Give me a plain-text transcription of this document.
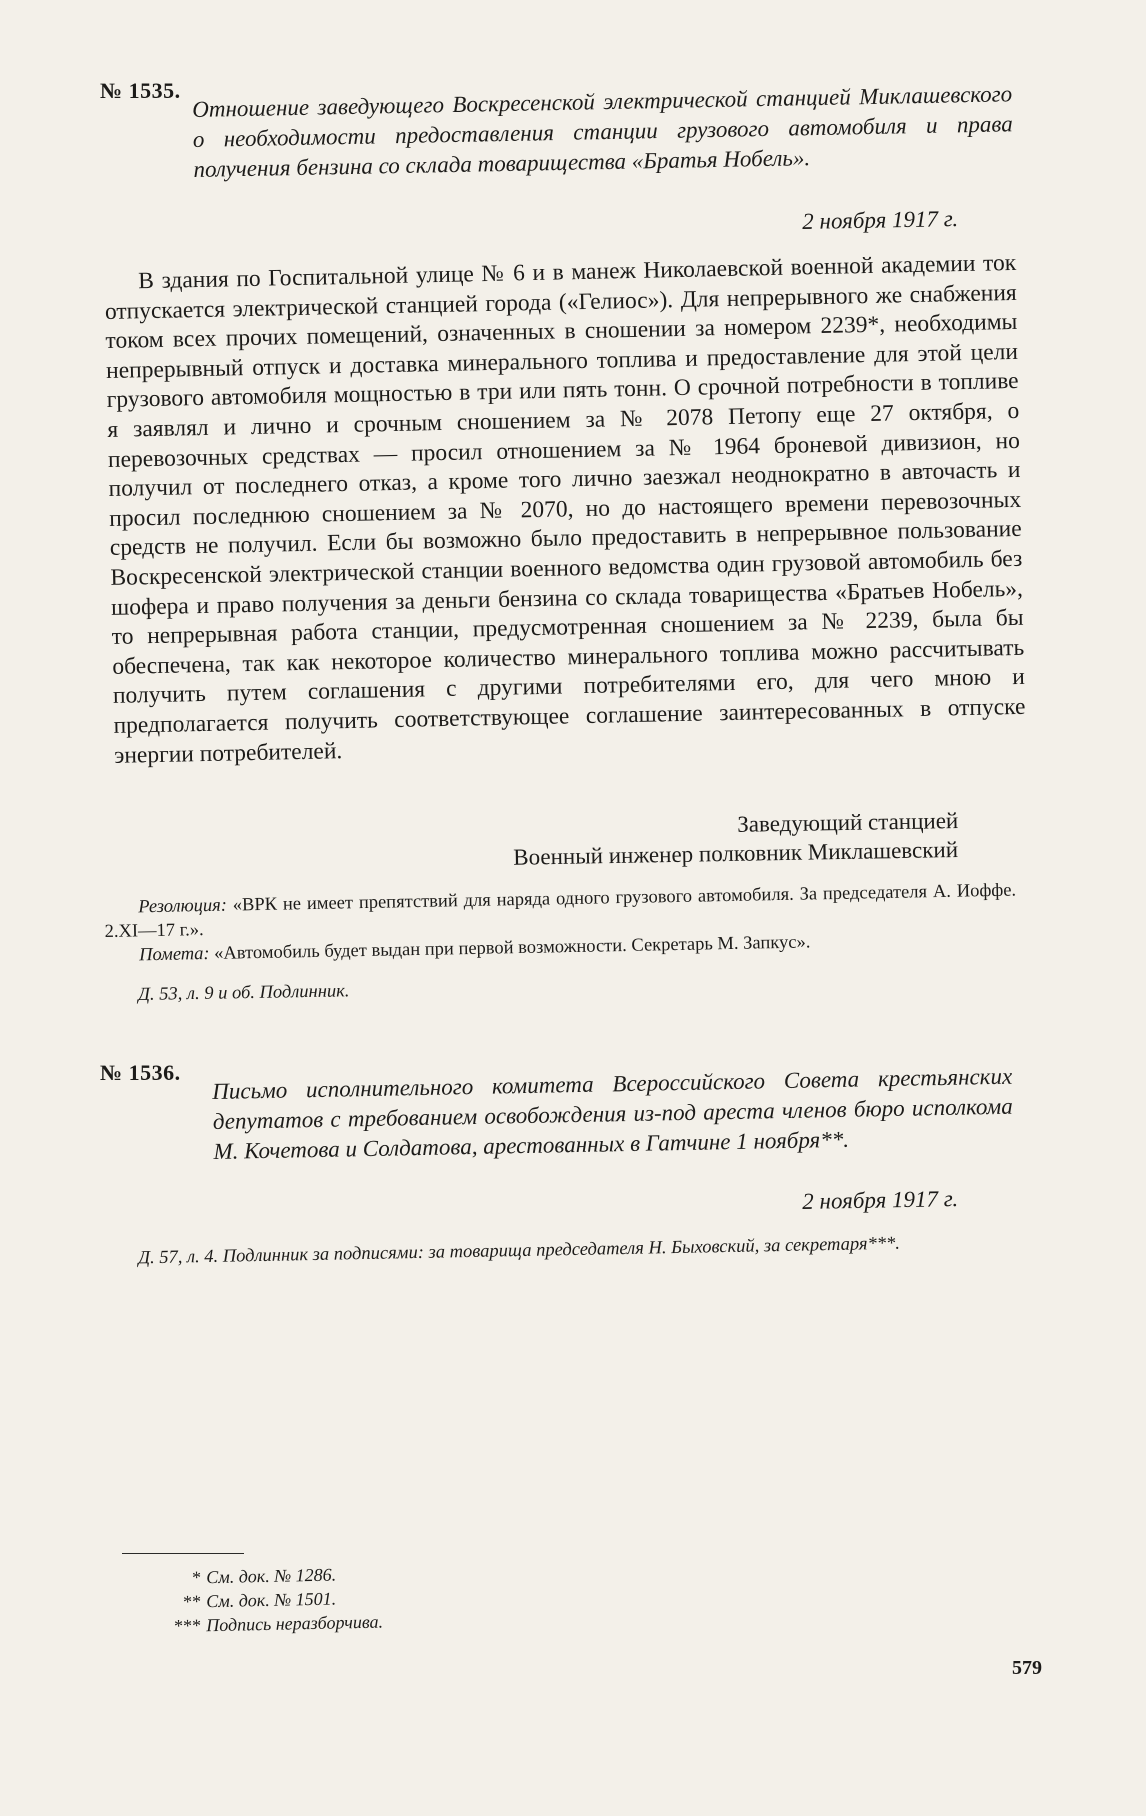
№ 1535. Отношение заведующего Воскресенской электрической станцией Миклашевского о необходимости предоставления станции грузового автомобиля и права получения бензина со склада товарищества «Братья Нобель».
2 ноября 1917 г.

В здания по Госпитальной улице № 6 и в манеж Николаевской военной академии ток отпускается электрической станцией города («Гелиос»). Для непрерывного же снабжения током всех прочих помещений, означенных в сношении за номером 2239*, необходимы непрерывный отпуск и доставка минерального топлива и предоставление для этой цели грузового автомобиля мощностью в три или пять тонн. О срочной потребности в топливе я заявлял и лично и срочным сношением за № 2078 Петопу еще 27 октября, о перевозочных средствах — просил отношением за № 1964 броневой дивизион, но получил от последнего отказ, а кроме того лично заезжал неоднократно в авточасть и просил последнюю сношением за № 2070, но до настоящего времени перевозочных средств не получил. Если бы возможно было предоставить в непрерывное пользование Воскресенской электрической станции военного ведомства один грузовой автомобиль без шофера и право получения за деньги бензина со склада товарищества «Братьев Нобель», то непрерывная работа станции, предусмотренная сношением за № 2239, была бы обеспечена, так как некоторое количество минерального топлива можно рассчитывать получить путем соглашения с другими потребителями его, для чего мною и предполагается получить соответствующее соглашение заинтересованных в отпуске энергии потребителей.

Заведующий станцией
Военный инженер полковник Миклашевский

Резолюция: «ВРК не имеет препятствий для наряда одного грузового автомобиля. За председателя А. Иоффе. 2.XI—17 г.».

Пометa: «Автомобиль будет выдан при первой возможности. Секретарь М. Запкус».

Д. 53, л. 9 и об. Подлинник.
№ 1536. Письмо исполнительного комитета Всероссийского Совета крестьянских депутатов с требованием освобождения из-под ареста членов бюро исполкома М. Кочетова и Солдатова, арестованных в Гатчине 1 ноября**.
2 ноября 1917 г.

Д. 57, л. 4. Подлинник за подписями: за товарища председателя Н. Быховский, за секретаря***.

* См. док. № 1286.
** См. док. № 1501.
*** Подпись неразборчива.
579
